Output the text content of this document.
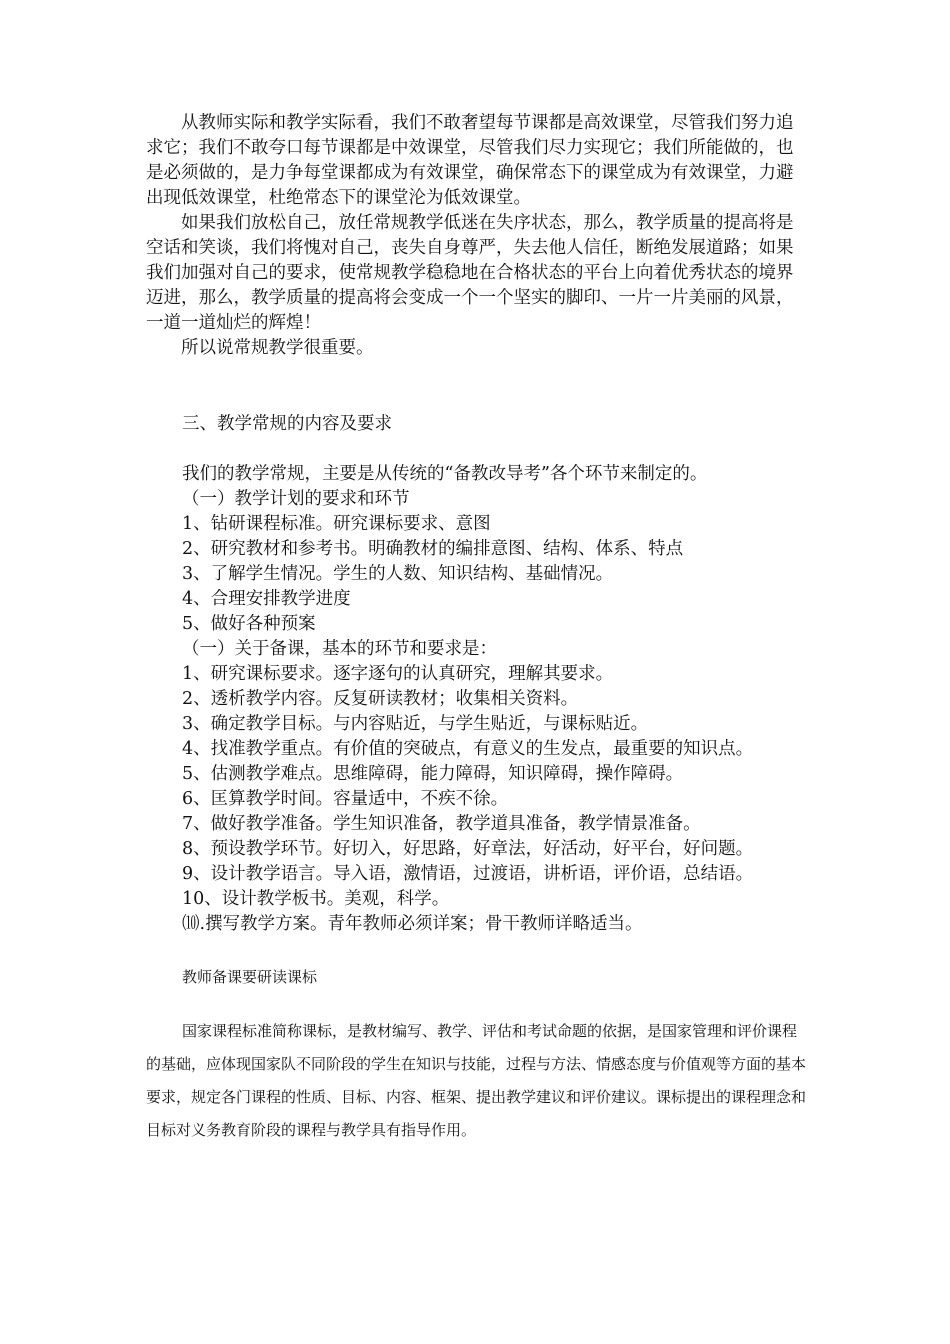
从教师实际和教学实际看，我们不敢奢望每节课都是高效课堂，尽管我们努力追求它；我们不敢夸口每节课都是中效课堂，尽管我们尽力实现它；我们所能做的，也是必须做的，是力争每堂课都成为有效课堂，确保常态下的课堂成为有效课堂，力避出现低效课堂，杜绝常态下的课堂沦为低效课堂。

如果我们放松自己，放任常规教学低迷在失序状态，那么，教学质量的提高将是空话和笑谈，我们将愧对自己，丧失自身尊严，失去他人信任，断绝发展道路；如果我们加强对自己的要求，使常规教学稳稳地在合格状态的平台上向着优秀状态的境界迈进，那么，教学质量的提高将会变成一个一个坚实的脚印、一片一片美丽的风景，一道一道灿烂的辉煌！

所以说常规教学很重要。

三、教学常规的内容及要求
我们的教学常规，主要是从传统的“备教改导考”各个环节来制定的。
（一）教学计划的要求和环节
1、钻研课程标准。研究课标要求、意图
2、研究教材和参考书。明确教材的编排意图、结构、体系、特点
3、了解学生情况。学生的人数、知识结构、基础情况。
4、合理安排教学进度
5、做好各种预案
（一）关于备课，基本的环节和要求是：
1、研究课标要求。逐字逐句的认真研究，理解其要求。
2、透析教学内容。反复研读教材；收集相关资料。
3、确定教学目标。与内容贴近，与学生贴近，与课标贴近。
4、找准教学重点。有价值的突破点，有意义的生发点，最重要的知识点。
5、估测教学难点。思维障碍，能力障碍，知识障碍，操作障碍。
6、匡算教学时间。容量适中，不疾不徐。
7、做好教学准备。学生知识准备，教学道具准备，教学情景准备。
8、预设教学环节。好切入，好思路，好章法，好活动，好平台，好问题。
9、设计教学语言。导入语，激情语，过渡语，讲析语，评价语，总结语。
10、设计教学板书。美观，科学。
⑽.撰写教学方案。青年教师必须详案；骨干教师详略适当。
教师备课要研读课标

国家课程标准简称课标，是教材编写、教学、评估和考试命题的依据，是国家管理和评价课程的基础，应体现国家队不同阶段的学生在知识与技能，过程与方法、情感态度与价值观等方面的基本要求，规定各门课程的性质、目标、内容、框架、提出教学建议和评价建议。课标提出的课程理念和目标对义务教育阶段的课程与教学具有指导作用。
